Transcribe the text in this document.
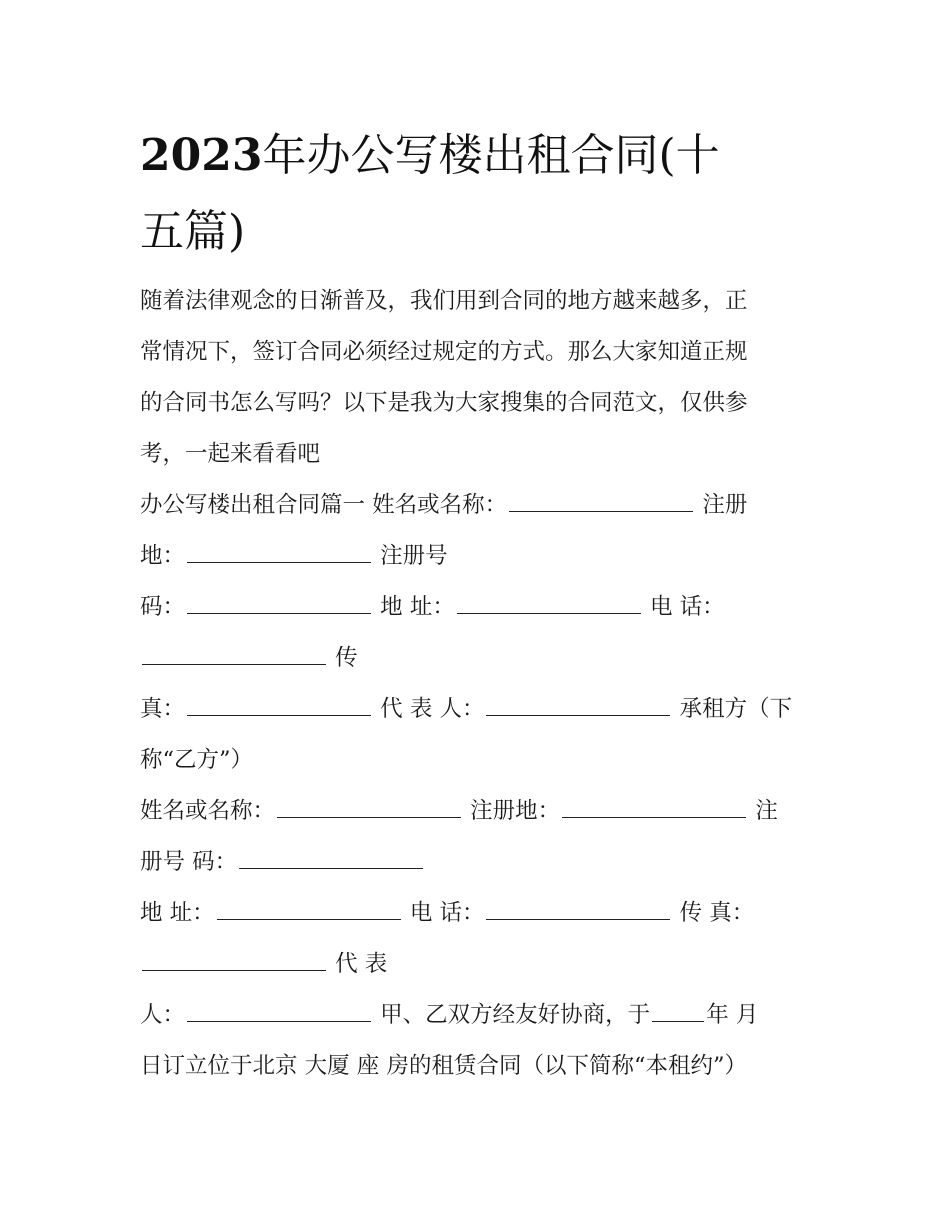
2023年办公写楼出租合同(十
五篇)
随着法律观念的日渐普及，我们用到合同的地方越来越多，正
常情况下，签订合同必须经过规定的方式。那么大家知道正规
的合同书怎么写吗？以下是我为大家搜集的合同范文，仅供参
考，一起来看看吧
办公写楼出租合同篇一 姓名或名称：	注册
地：	注册号
码：	地 址：	电 话：
传
真：	代 表 人：	承租方（下
称“乙方”）
姓名或名称：	注册地：	注
册号 码：
地 址：	电 话：	传 真：
代 表
人：	甲、乙双方经友好协商，于 年 月
日订立位于北京 大厦 座 房的租赁合同（以下简称“本租约”）
